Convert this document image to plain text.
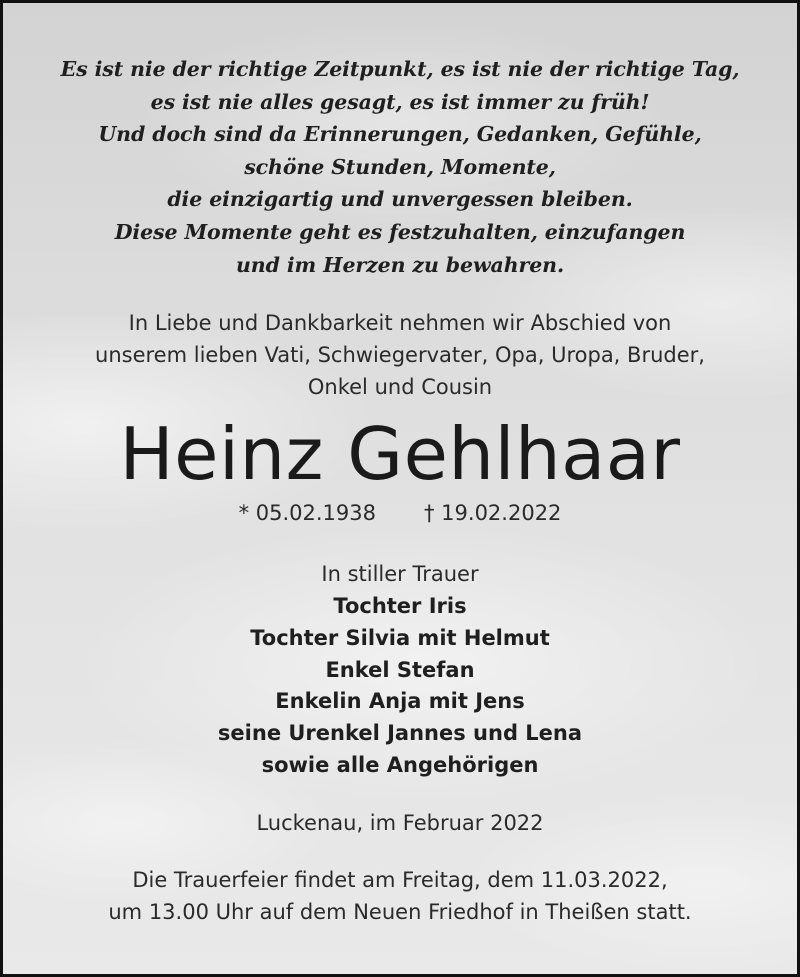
Es ist nie der richtige Zeitpunkt, es ist nie der richtige Tag,
es ist nie alles gesagt, es ist immer zu früh!
Und doch sind da Erinnerungen, Gedanken, Gefühle,
schöne Stunden, Momente,
die einzigartig und unvergessen bleiben.
Diese Momente geht es festzuhalten, einzufangen
und im Herzen zu bewahren.
In Liebe und Dankbarkeit nehmen wir Abschied von
unserem lieben Vati, Schwiegervater, Opa, Uropa, Bruder,
Onkel und Cousin
Heinz Gehlhaar
* 05.02.1938 † 19.02.2022
In stiller Trauer
Tochter Iris
Tochter Silvia mit Helmut
Enkel Stefan
Enkelin Anja mit Jens
seine Urenkel Jannes und Lena
sowie alle Angehörigen
Luckenau, im Februar 2022
Die Trauerfeier findet am Freitag, dem 11.03.2022,
um 13.00 Uhr auf dem Neuen Friedhof in Theißen statt.
